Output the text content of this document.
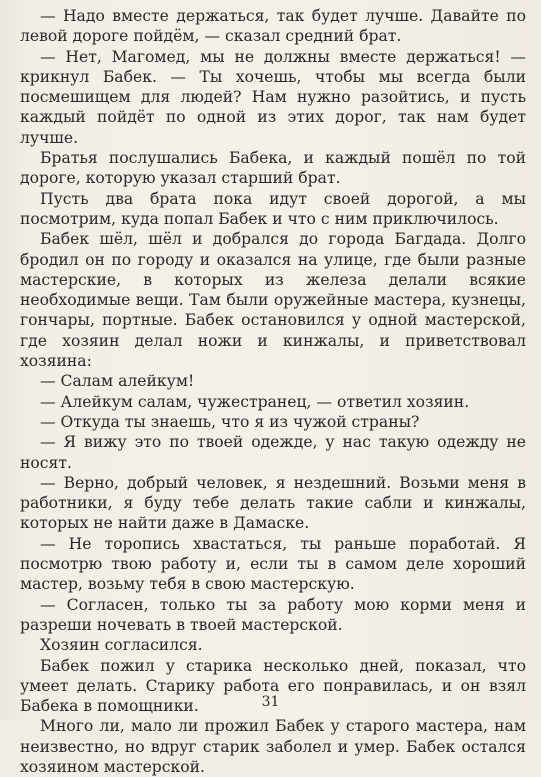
— Надо вместе держаться, так будет лучше. Давайте по левой дороге пойдём, — сказал средний брат.

— Нет, Магомед, мы не должны вместе держаться! — крикнул Бабек. — Ты хочешь, чтобы мы всегда были посмешищем для людей? Нам нужно разойтись, и пусть каждый пойдёт по одной из этих дорог, так нам будет лучше.

Братья послушались Бабека, и каждый пошёл по той дороге, которую указал старший брат.

Пусть два брата пока идут своей дорогой, а мы посмотрим, куда попал Бабек и что с ним приключилось.

Бабек шёл, шёл и добрался до города Багдада. Долго бродил он по городу и оказался на улице, где были разные мастерские, в которых из железа делали всякие необходимые вещи. Там были оружейные мастера, кузнецы, гончары, портные. Бабек остановился у одной мастерской, где хозяин делал ножи и кинжалы, и приветствовал хозяина:

— Салам алейкум!

— Алейкум салам, чужестранец, — ответил хозяин.

— Откуда ты знаешь, что я из чужой страны?

— Я вижу это по твоей одежде, у нас такую одежду не носят.

— Верно, добрый человек, я нездешний. Возьми меня в работники, я буду тебе делать такие сабли и кинжалы, которых не найти даже в Дамаске.

— Не торопись хвастаться, ты раньше поработай. Я посмотрю твою работу и, если ты в самом деле хороший мастер, возьму тебя в свою мастерскую.

— Согласен, только ты за работу мою корми меня и разреши ночевать в твоей мастерской.

Хозяин согласился.

Бабек пожил у старика несколько дней, показал, что умеет делать. Старику работа его понравилась, и он взял Бабека в помощники.

Много ли, мало ли прожил Бабек у старого мастера, нам неизвестно, но вдруг старик заболел и умер. Бабек остался хозяином мастерской.

31
